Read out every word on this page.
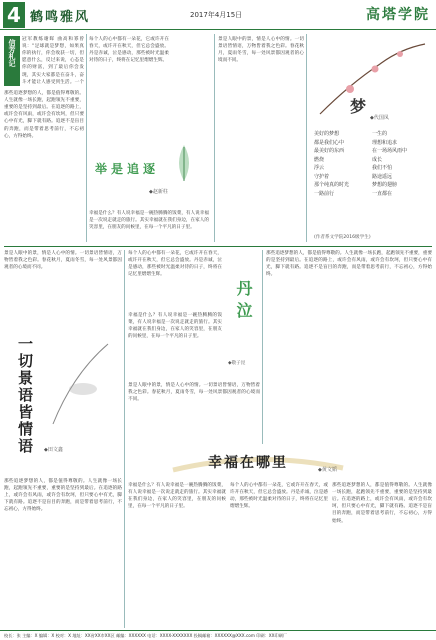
4 鹤鸣雅风	2017年4月15日	高塔学院
信芳札记	冠军教练谢晖 曲高和寡曾说：“足球就是梦想，如果真你的执行，你会收获一切，但愿意什么，反过来说，心态是你的财富，到了最后你会发现，其实大家都是在奋斗，奋斗才能让人感受到生活。一个
那些追逐梦想的人，都是值得尊敬的。人生就像一场长跑，起跑领先不重要，重要的是坚持到最后。在追逐的路上，或许会有风雨，或许会有坎坷，但只要心中有光，脚下就有路。追逐不是盲目的奔跑，而是带着思考前行，不忘初心，方得始终。
每个人的心中都有一朵花，它或许开在春天，或许开在秋天，但它总会盛放。丹是赤诚，泣是感动，那些被时光温柔对待的日子，终将在记忆里熠熠生辉。
举是追逐
◆赵新柱
幸福是什么？有人说幸福是一碗热腾腾的饭菜，有人说幸福是一次说走就走的旅行。其实幸福就在我们身边，在家人的笑容里，在朋友的问候里，在每一个平凡的日子里。
景是人眼中的景，情是人心中的情。一切景语皆情语，万物皆着我之色彩。春花秋月，夏雨冬雪，每一处风景都因观者的心境而不同。
梦
◆代国凤
美好的梦想
都是我们心中
最美好的东西
燃烧
浮云
守护着
那个纯真的时光
一路前行
一生的
理想和追求
在一场场风雨中
成长
我们不怕
路途遥远
梦想的翅膀
一直都在
(作者系文学院2016级学生)
景是人眼中的景，情是人心中的情。一切景语皆情语，万物皆着我之色彩。春花秋月，夏雨冬雪，每一处风景都因观者的心境而不同。
一切景语皆情语	◆田文鑫
那些追逐梦想的人，都是值得尊敬的。人生就像一场长跑，起跑领先不重要，重要的是坚持到最后。在追逐的路上，或许会有风雨，或许会有坎坷，但只要心中有光，脚下就有路。追逐不是盲目的奔跑，而是带着思考前行，不忘初心，方得始终。
每个人的心中都有一朵花，它或许开在春天，或许开在秋天，但它总会盛放。丹是赤诚，泣是感动，那些被时光温柔对待的日子，终将在记忆里熠熠生辉。
丹泣
◆敬子昆
幸福是什么？有人说幸福是一碗热腾腾的饭菜，有人说幸福是一次说走就走的旅行。其实幸福就在我们身边，在家人的笑容里，在朋友的问候里，在每一个平凡的日子里。
景是人眼中的景，情是人心中的情。一切景语皆情语，万物皆着我之色彩。春花秋月，夏雨冬雪，每一处风景都因观者的心境而不同。
那些追逐梦想的人，都是值得尊敬的。人生就像一场长跑，起跑领先不重要，重要的是坚持到最后。在追逐的路上，或许会有风雨，或许会有坎坷，但只要心中有光，脚下就有路。追逐不是盲目的奔跑，而是带着思考前行，不忘初心，方得始终。
幸福在哪里	◆黄文韬
幸福是什么？有人说幸福是一碗热腾腾的饭菜，有人说幸福是一次说走就走的旅行。其实幸福就在我们身边，在家人的笑容里，在朋友的问候里，在每一个平凡的日子里。
每个人的心中都有一朵花，它或许开在春天，或许开在秋天，但它总会盛放。丹是赤诚，泣是感动，那些被时光温柔对待的日子，终将在记忆里熠熠生辉。
那些追逐梦想的人，都是值得尊敬的。人生就像一场长跑，起跑领先不重要，重要的是坚持到最后。在追逐的路上，或许会有风雨，或许会有坎坷，但只要心中有光，脚下就有路。追逐不是盲目的奔跑，而是带着思考前行，不忘初心，方得始终。
校长：张 主编：X 编辑：X 校对：X 地址：XX省XX市XX区 邮编：XXXXXX 电话：XXXX-XXXXXXX 投稿邮箱：XXXXXX@XXX.com 印刷：XX印刷厂
